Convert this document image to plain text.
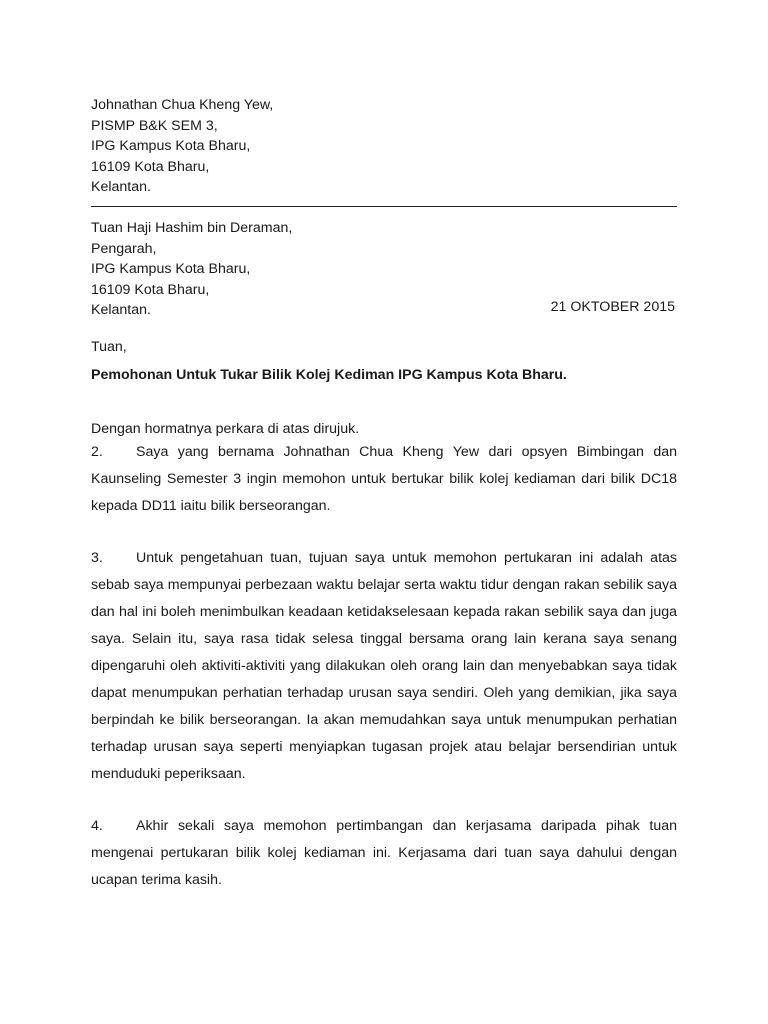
Johnathan Chua Kheng Yew,
PISMP B&K SEM 3,
IPG Kampus Kota Bharu,
16109 Kota Bharu,
Kelantan.
Tuan Haji Hashim bin Deraman,
Pengarah,
IPG Kampus Kota Bharu,
16109 Kota Bharu,
Kelantan.	21 OKTOBER 2015
Tuan,
Pemohonan Untuk Tukar Bilik Kolej Kediman IPG Kampus Kota Bharu.

Dengan hormatnya perkara di atas dirujuk.

2. Saya yang bernama Johnathan Chua Kheng Yew dari opsyen Bimbingan dan Kaunseling Semester 3 ingin memohon untuk bertukar bilik kolej kediaman dari bilik DC18 kepada DD11 iaitu bilik berseorangan.

3. Untuk pengetahuan tuan, tujuan saya untuk memohon pertukaran ini adalah atas sebab saya mempunyai perbezaan waktu belajar serta waktu tidur dengan rakan sebilik saya dan hal ini boleh menimbulkan keadaan ketidakselesaan kepada rakan sebilik saya dan juga saya. Selain itu, saya rasa tidak selesa tinggal bersama orang lain kerana saya senang dipengaruhi oleh aktiviti-aktiviti yang dilakukan oleh orang lain dan menyebabkan saya tidak dapat menumpukan perhatian terhadap urusan saya sendiri. Oleh yang demikian, jika saya berpindah ke bilik berseorangan. Ia akan memudahkan saya untuk menumpukan perhatian terhadap urusan saya seperti menyiapkan tugasan projek atau belajar bersendirian untuk menduduki peperiksaan.

4. Akhir sekali saya memohon pertimbangan dan kerjasama daripada pihak tuan mengenai pertukaran bilik kolej kediaman ini. Kerjasama dari tuan saya dahului dengan ucapan terima kasih.
